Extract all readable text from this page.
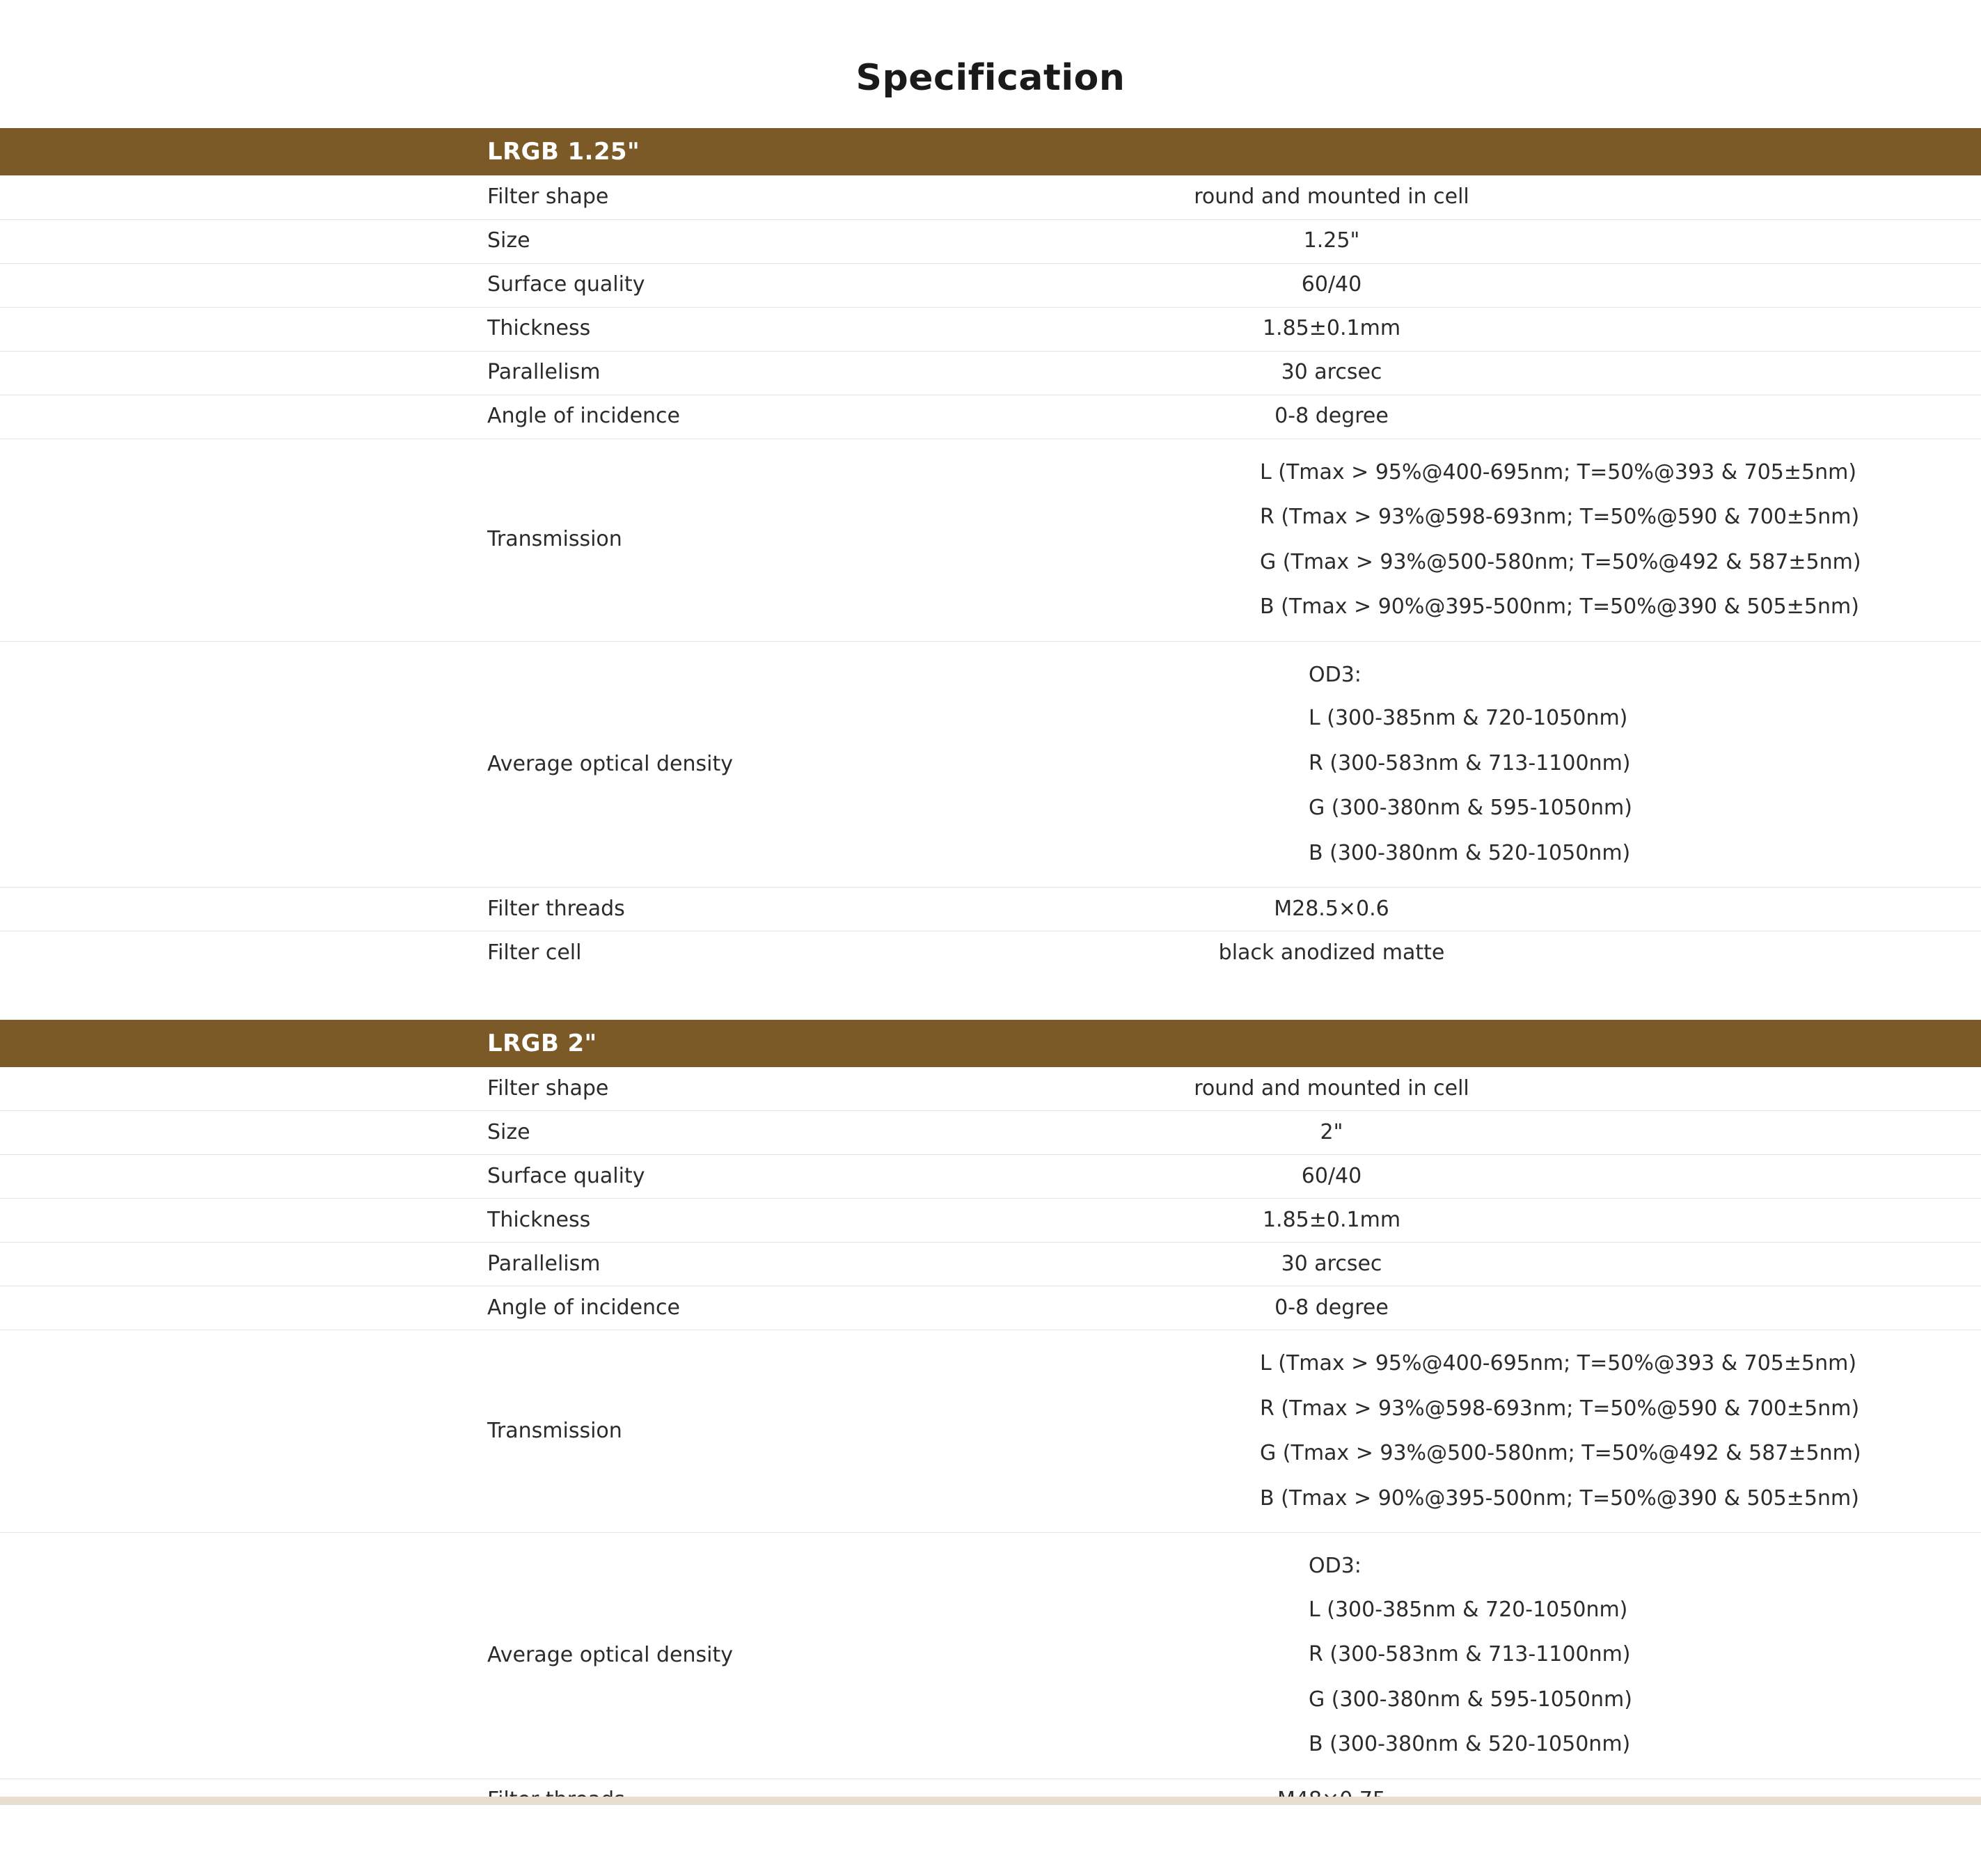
Specification
LRGB 1.25"
Filter shape	round and mounted in cell
Size	1.25"
Surface quality	60/40
Thickness	1.85±0.1mm
Parallelism	30 arcsec
Angle of incidence	0-8 degree
Transmission	L (Tmax > 95%@400-695nm; T=50%@393 & 705±5nm)
R (Tmax > 93%@598-693nm; T=50%@590 & 700±5nm)
G (Tmax > 93%@500-580nm; T=50%@492 & 587±5nm)
B (Tmax > 90%@395-500nm; T=50%@390 & 505±5nm)

Average optical density	OD3:
L (300-385nm & 720-1050nm)
R (300-583nm & 713-1100nm)
G (300-380nm & 595-1050nm)
B (300-380nm & 520-1050nm)

Filter threads	M28.5×0.6
Filter cell	black anodized matte
LRGB 2"
Filter shape	round and mounted in cell
Size	2"
Surface quality	60/40
Thickness	1.85±0.1mm
Parallelism	30 arcsec
Angle of incidence	0-8 degree
Transmission	L (Tmax > 95%@400-695nm; T=50%@393 & 705±5nm)
R (Tmax > 93%@598-693nm; T=50%@590 & 700±5nm)
G (Tmax > 93%@500-580nm; T=50%@492 & 587±5nm)
B (Tmax > 90%@395-500nm; T=50%@390 & 505±5nm)

Average optical density	OD3:
L (300-385nm & 720-1050nm)
R (300-583nm & 713-1100nm)
G (300-380nm & 595-1050nm)
B (300-380nm & 520-1050nm)
